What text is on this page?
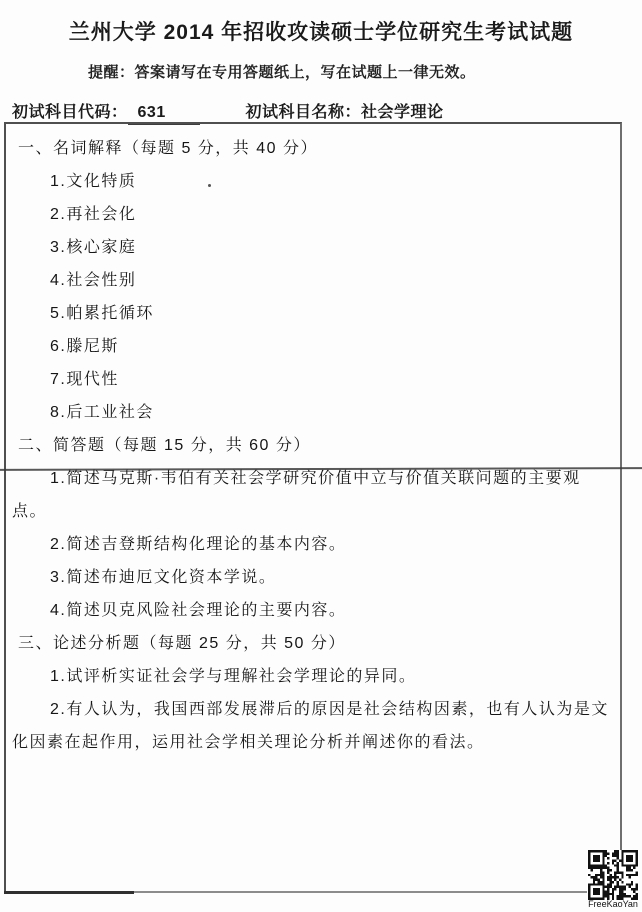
兰州大学 2014 年招收攻读硕士学位研究生考试试题
提醒：答案请写在专用答题纸上，写在试题上一律无效。
初试科目代码： 631	初试科目名称：社会学理论
一、名词解释（每题 5 分，共 40 分）
1.文化特质
2.再社会化
3.核心家庭
4.社会性别
5.帕累托循环
6.滕尼斯
7.现代性
8.后工业社会
二、简答题（每题 15 分，共 60 分）
1.简述马克斯·韦伯有关社会学研究价值中立与价值关联问题的主要观点。
2.简述吉登斯结构化理论的基本内容。
3.简述布迪厄文化资本学说。
4.简述贝克风险社会理论的主要内容。
三、论述分析题（每题 25 分，共 50 分）
1.试评析实证社会学与理解社会学理论的异同。
2.有人认为，我国西部发展滞后的原因是社会结构因素，也有人认为是文化因素在起作用，运用社会学相关理论分析并阐述你的看法。
FreeKaoYan
